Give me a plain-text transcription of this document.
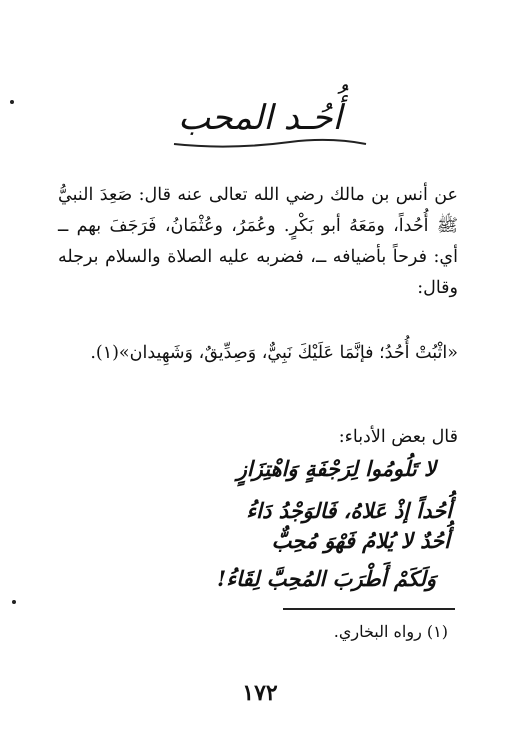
أُحُـد المحب
عن أنس بن مالك رضي الله تعالى عنه قال: صَعِدَ النبيُّ ﷺ أُحُداً، ومَعَهُ أبو بَكْرٍ. وعُمَرُ، وعُثْمَانُ، فَرَجَفَ بهم ــ أي: فرحاً بأضيافه ــ، فضربه عليه الصلاة والسلام برجله وقال:
«اثْبُتْ أُحُدُ؛ فإنَّمَا عَلَيْكَ نَبِيٌّ، وَصِدِّيقٌ، وَشَهِيدان»(١).
قال بعض الأدباء:
لا تَلُومُوا لِرَجْفَةٍ وَاهْتِزَازٍ
أُحُداً إذْ عَلاهُ، فَالوَجْدُ دَاءُ
أُحُدٌ لا يُلامُ فَهْوَ مُحِبٌّ
وَلَكَمْ أَطْرَبَ المُحِبَّ لِقَاءُ!
(١) رواه البخاري.
١٧٢
